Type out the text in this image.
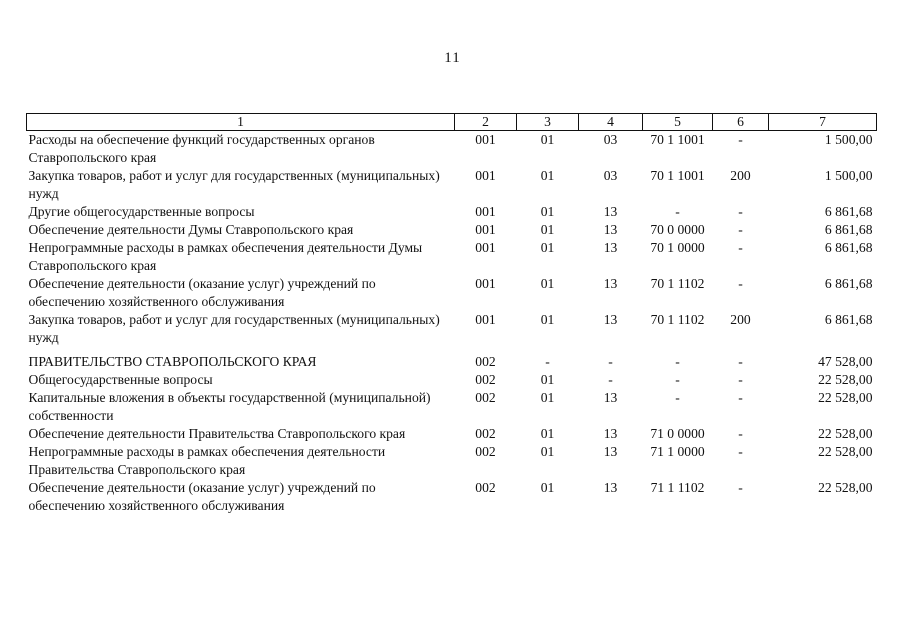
11
1	2	3	4	5	6	7
Расходы на обеспечение функций государственных органов Ставропольского края	001	01	03	70 1 1001	-	1 500,00
Закупка товаров, работ и услуг для государственных (муниципальных) нужд	001	01	03	70 1 1001	200	1 500,00
Другие общегосударственные вопросы	001	01	13	-	-	6 861,68
Обеспечение деятельности Думы Ставропольского края	001	01	13	70 0 0000	-	6 861,68
Непрограммные расходы в рамках обеспечения деятельности Думы Ставропольского края	001	01	13	70 1 0000	-	6 861,68
Обеспечение деятельности (оказание услуг) учреждений по обеспечению хозяйственного обслуживания	001	01	13	70 1 1102	-	6 861,68
Закупка товаров, работ и услуг для государственных (муниципальных) нужд	001	01	13	70 1 1102	200	6 861,68
ПРАВИТЕЛЬСТВО СТАВРОПОЛЬСКОГО КРАЯ	002	-	-	-	-	47 528,00
Общегосударственные вопросы	002	01	-	-	-	22 528,00
Капитальные вложения в объекты государственной (муниципальной) собственности	002	01	13	-	-	22 528,00
Обеспечение деятельности Правительства Ставропольского края	002	01	13	71 0 0000	-	22 528,00
Непрограммные расходы в рамках обеспечения деятельности Правительства Ставропольского края	002	01	13	71 1 0000	-	22 528,00
Обеспечение деятельности (оказание услуг) учреждений по обеспечению хозяйственного обслуживания	002	01	13	71 1 1102	-	22 528,00
